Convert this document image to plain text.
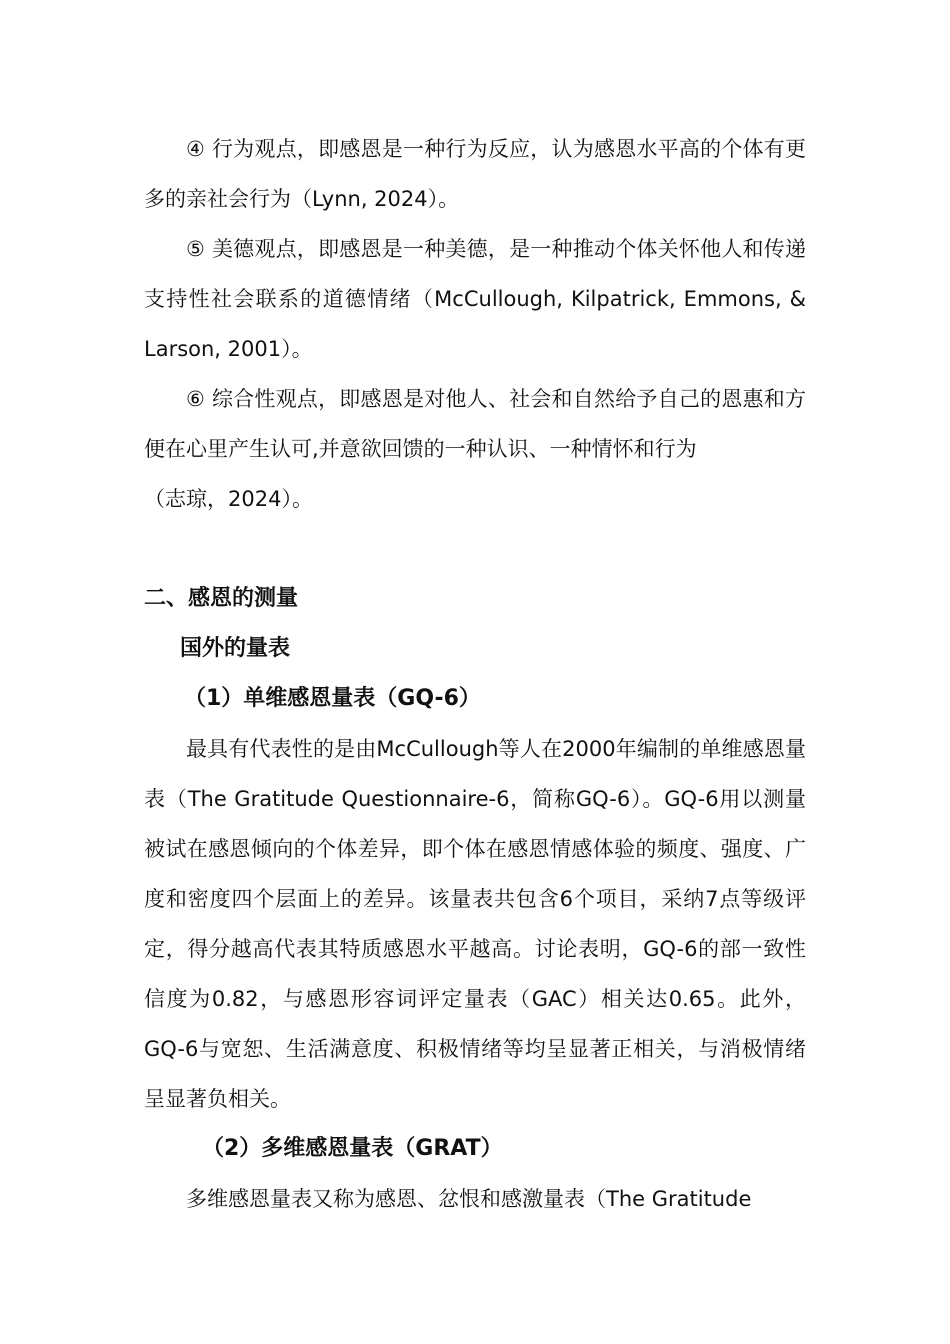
④ 行为观点，即感恩是一种行为反应，认为感恩水平高的个体有更多的亲社会行为（Lynn, 2024）。

⑤ 美德观点，即感恩是一种美德，是一种推动个体关怀他人和传递支持性社会联系的道德情绪（McCullough, Kilpatrick, Emmons, & Larson, 2001）。

⑥ 综合性观点，即感恩是对他人、社会和自然给予自己的恩惠和方便在心里产生认可,并意欲回馈的一种认识、一种情怀和行为

（志琼，2024）。

二、感恩的测量
国外的量表
（1）单维感恩量表（GQ-6）

最具有代表性的是由McCullough等人在2000年编制的单维感恩量表（The Gratitude Questionnaire-6，简称GQ-6）。GQ-6用以测量被试在感恩倾向的个体差异，即个体在感恩情感体验的频度、强度、广度和密度四个层面上的差异。该量表共包含6个项目，采纳7点等级评定，得分越高代表其特质感恩水平越高。讨论表明，GQ-6的部一致性信度为0.82，与感恩形容词评定量表（GAC）相关达0.65。此外，GQ-6与宽恕、生活满意度、积极情绪等均呈显著正相关，与消极情绪呈显著负相关。

（2）多维感恩量表（GRAT）

多维感恩量表又称为感恩、忿恨和感激量表（The Gratitude
